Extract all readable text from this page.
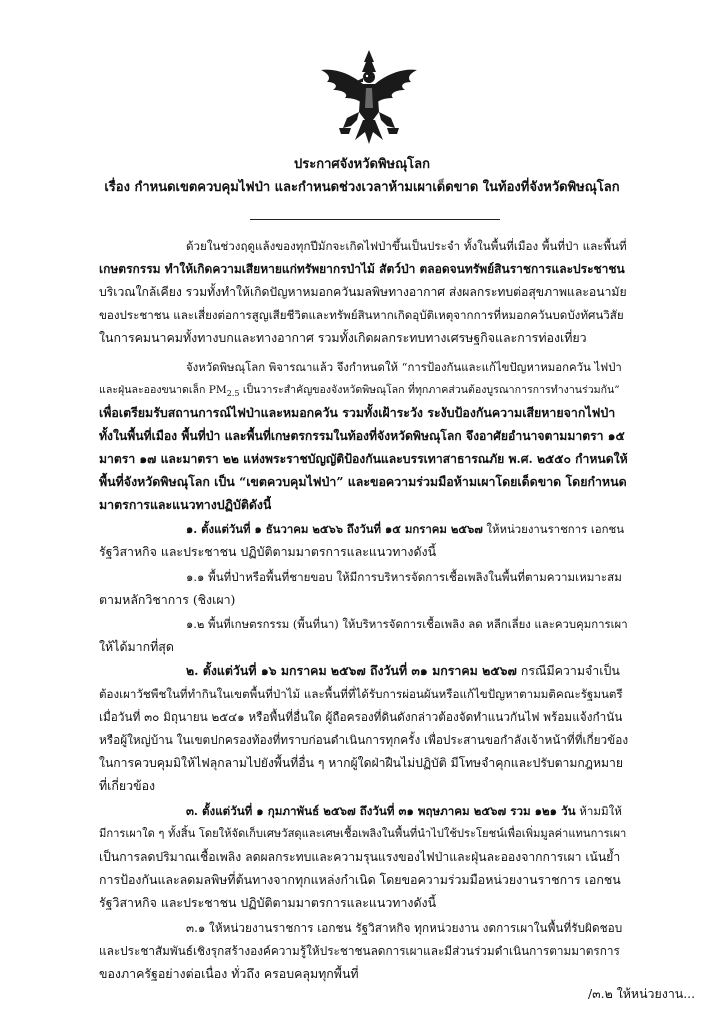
ประกาศจังหวัดพิษณุโลก
เรื่อง กำหนดเขตควบคุมไฟป่า และกำหนดช่วงเวลาห้ามเผาเด็ดขาด ในท้องที่จังหวัดพิษณุโลก
ด้วยในช่วงฤดูแล้งของทุกปีมักจะเกิดไฟป่าขึ้นเป็นประจำ ทั้งในพื้นที่เมือง พื้นที่ป่า และพื้นที่
เกษตรกรรม ทำให้เกิดความเสียหายแก่ทรัพยากรป่าไม้ สัตว์ป่า ตลอดจนทรัพย์สินราชการและประชาชน
บริเวณใกล้เคียง รวมทั้งทำให้เกิดปัญหาหมอกควันมลพิษทางอากาศ ส่งผลกระทบต่อสุขภาพและอนามัย
ของประชาชน และเสี่ยงต่อการสูญเสียชีวิตและทรัพย์สินหากเกิดอุบัติเหตุจากการที่หมอกควันบดบังทัศนวิสัย
ในการคมนาคมทั้งทางบกและทางอากาศ รวมทั้งเกิดผลกระทบทางเศรษฐกิจและการท่องเที่ยว
จังหวัดพิษณุโลก พิจารณาแล้ว จึงกำหนดให้ “การป้องกันและแก้ไขปัญหาหมอกควัน ไฟป่า
และฝุ่นละอองขนาดเล็ก $PM_{2.5}$ เป็นวาระสำคัญของจังหวัดพิษณุโลก ที่ทุกภาคส่วนต้องบูรณาการการทำงานร่วมกัน”
เพื่อเตรียมรับสถานการณ์ไฟป่าและหมอกควัน รวมทั้งเฝ้าระวัง ระงับป้องกันความเสียหายจากไฟป่า
ทั้งในพื้นที่เมือง พื้นที่ป่า และพื้นที่เกษตรกรรมในท้องที่จังหวัดพิษณุโลก จึงอาศัยอำนาจตามมาตรา ๑๕
มาตรา ๑๗ และมาตรา ๒๒ แห่งพระราชบัญญัติป้องกันและบรรเทาสาธารณภัย พ.ศ. ๒๕๕๐ กำหนดให้
พื้นที่จังหวัดพิษณุโลก เป็น “เขตควบคุมไฟป่า” และขอความร่วมมือห้ามเผาโดยเด็ดขาด โดยกำหนด
มาตรการและแนวทางปฏิบัติดังนี้
๑. ตั้งแต่วันที่ ๑ ธันวาคม ๒๕๖๖ ถึงวันที่ ๑๕ มกราคม ๒๕๖๗ ให้หน่วยงานราชการ เอกชน
รัฐวิสาหกิจ และประชาชน ปฏิบัติตามมาตรการและแนวทางดังนี้
๑.๑ พื้นที่ป่าหรือพื้นที่ชายขอบ ให้มีการบริหารจัดการเชื้อเพลิงในพื้นที่ตามความเหมาะสม
ตามหลักวิชาการ (ชิงเผา)
๑.๒ พื้นที่เกษตรกรรม (พื้นที่นา) ให้บริหารจัดการเชื้อเพลิง ลด หลีกเลี่ยง และควบคุมการเผา
ให้ได้มากที่สุด
๒. ตั้งแต่วันที่ ๑๖ มกราคม ๒๕๖๗ ถึงวันที่ ๓๑ มกราคม ๒๕๖๗ กรณีมีความจำเป็น
ต้องเผาวัชพืชในที่ทำกินในเขตพื้นที่ป่าไม้ และพื้นที่ที่ได้รับการผ่อนผันหรือแก้ไขปัญหาตามมติคณะรัฐมนตรี
เมื่อวันที่ ๓๐ มิถุนายน ๒๕๔๑ หรือพื้นที่อื่นใด ผู้ถือครองที่ดินดังกล่าวต้องจัดทำแนวกันไฟ พร้อมแจ้งกำนัน
หรือผู้ใหญ่บ้าน ในเขตปกครองท้องที่ทราบก่อนดำเนินการทุกครั้ง เพื่อประสานขอกำลังเจ้าหน้าที่ที่เกี่ยวข้อง
ในการควบคุมมิให้ไฟลุกลามไปยังพื้นที่อื่น ๆ หากผู้ใดฝ่าฝืนไม่ปฏิบัติ มีโทษจำคุกและปรับตามกฎหมาย
ที่เกี่ยวข้อง
๓. ตั้งแต่วันที่ ๑ กุมภาพันธ์ ๒๕๖๗ ถึงวันที่ ๓๑ พฤษภาคม ๒๕๖๗ รวม ๑๒๑ วัน ห้ามมิให้
มีการเผาใด ๆ ทั้งสิ้น โดยให้จัดเก็บเศษวัสดุและเศษเชื้อเพลิงในพื้นที่นำไปใช้ประโยชน์เพื่อเพิ่มมูลค่าแทนการเผา
เป็นการลดปริมาณเชื้อเพลิง ลดผลกระทบและความรุนแรงของไฟป่าและฝุ่นละอองจากการเผา เน้นย้ำ
การป้องกันและลดมลพิษที่ต้นทางจากทุกแหล่งกำเนิด โดยขอความร่วมมือหน่วยงานราชการ เอกชน
รัฐวิสาหกิจ และประชาชน ปฏิบัติตามมาตรการและแนวทางดังนี้
๓.๑ ให้หน่วยงานราชการ เอกชน รัฐวิสาหกิจ ทุกหน่วยงาน งดการเผาในพื้นที่รับผิดชอบ
และประชาสัมพันธ์เชิงรุกสร้างองค์ความรู้ให้ประชาชนลดการเผาและมีส่วนร่วมดำเนินการตามมาตรการ
ของภาครัฐอย่างต่อเนื่อง ทั่วถึง ครอบคลุมทุกพื้นที่
/๓.๒ ให้หน่วยงาน...
